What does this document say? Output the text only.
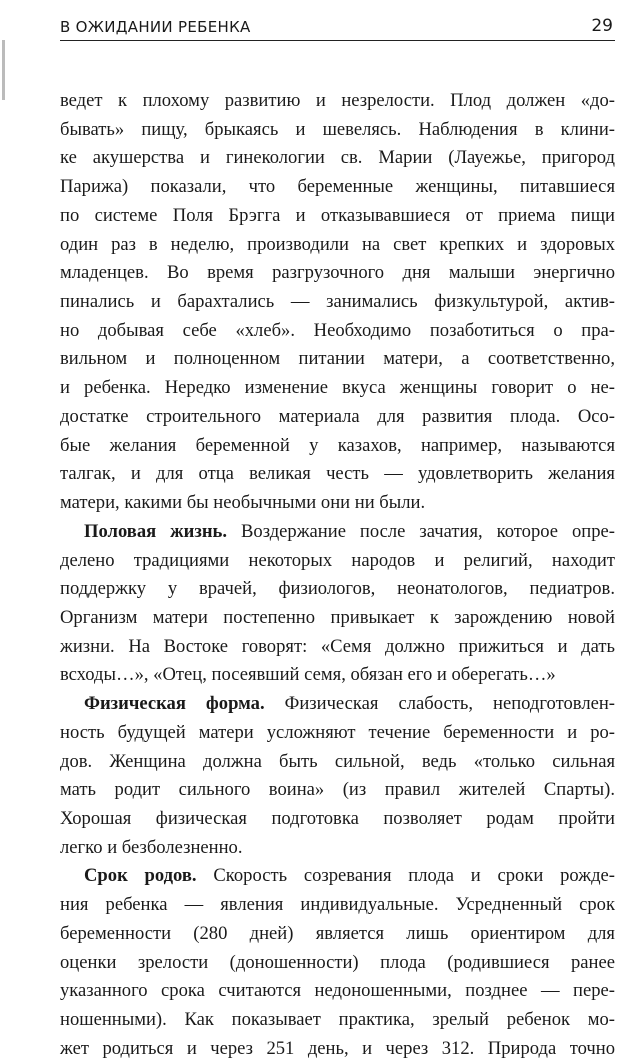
В ОЖИДАНИИ РЕБЕНКА	29
ведет к плохому развитию и незрелости. Плод должен «до-
бывать» пищу, брыкаясь и шевелясь. Наблюдения в клини-
ке акушерства и гинекологии св. Марии (Лауежье, пригород
Парижа) показали, что беременные женщины, питавшиеся
по системе Поля Брэгга и отказывавшиеся от приема пищи
один раз в неделю, производили на свет крепких и здоровых
младенцев. Во время разгрузочного дня малыши энергично
пинались и барахтались — занимались физкультурой, актив-
но добывая себе «хлеб». Необходимо позаботиться о пра-
вильном и полноценном питании матери, а соответственно,
и ребенка. Нередко изменение вкуса женщины говорит о не-
достатке строительного материала для развития плода. Осо-
бые желания беременной у казахов, например, называются
талгак, и для отца великая честь — удовлетворить желания
матери, какими бы необычными они ни были.
Половая жизнь. Воздержание после зачатия, которое опре-
делено традициями некоторых народов и религий, находит
поддержку у врачей, физиологов, неонатологов, педиатров.
Организм матери постепенно привыкает к зарождению новой
жизни. На Востоке говорят: «Семя должно прижиться и дать
всходы…», «Отец, посеявший семя, обязан его и оберегать…»
Физическая форма. Физическая слабость, неподготовлен-
ность будущей матери усложняют течение беременности и ро-
дов. Женщина должна быть сильной, ведь «только сильная
мать родит сильного воина» (из правил жителей Спарты).
Хорошая физическая подготовка позволяет родам пройти
легко и безболезненно.
Срок родов. Скорость созревания плода и сроки рожде-
ния ребенка — явления индивидуальные. Усредненный срок
беременности (280 дней) является лишь ориентиром для
оценки зрелости (доношенности) плода (родившиеся ранее
указанного срока считаются недоношенными, позднее — пере-
ношенными). Как показывает практика, зрелый ребенок мо-
жет родиться и через 251 день, и через 312. Природа точно
